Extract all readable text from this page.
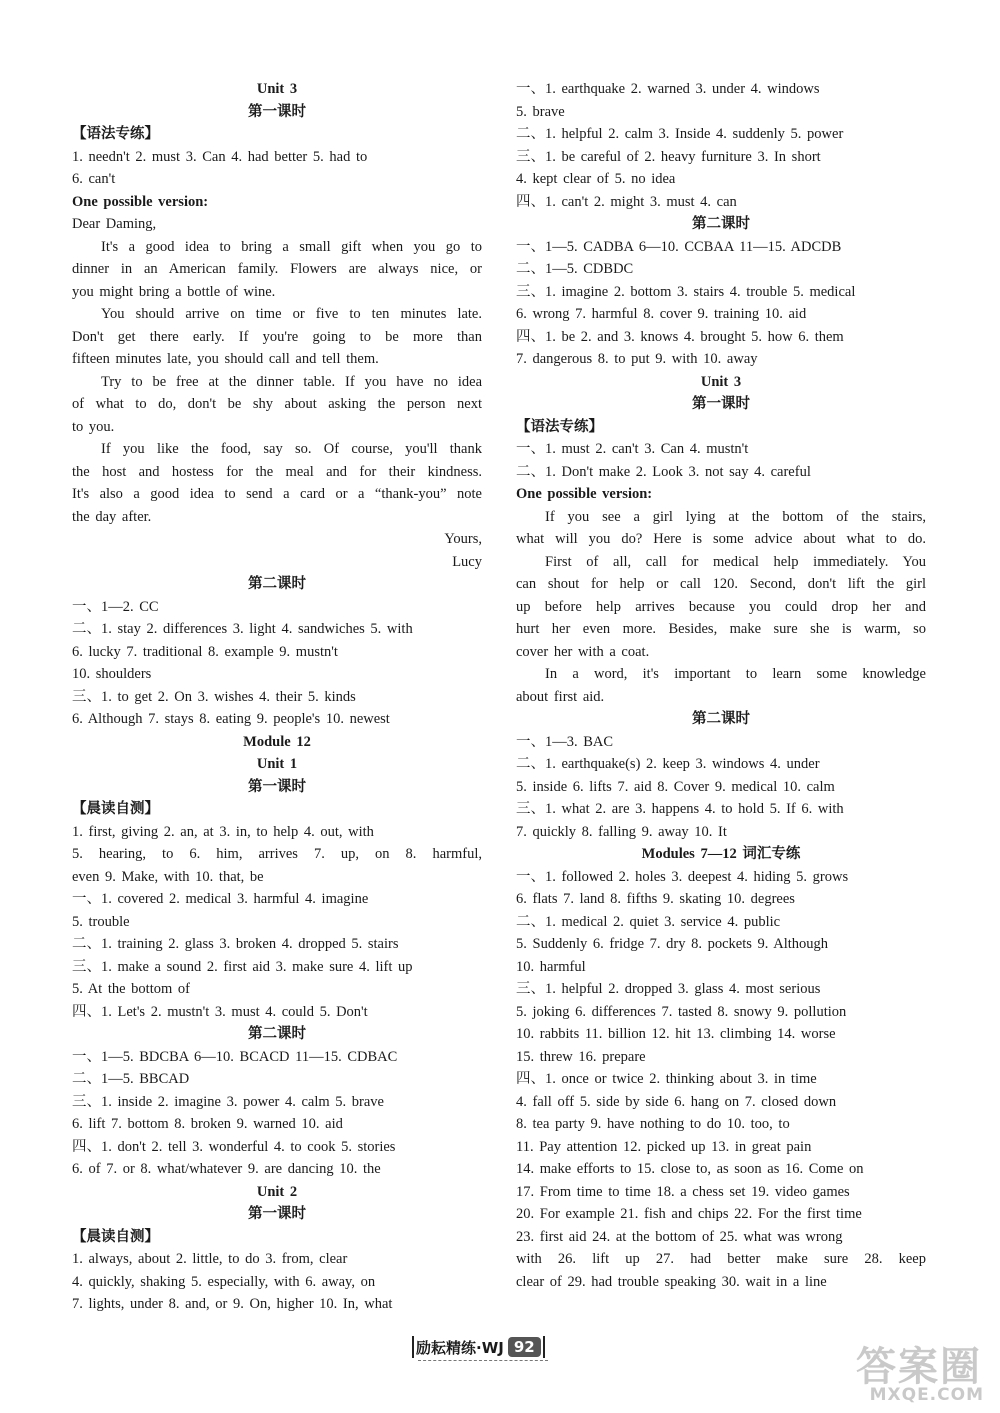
Unit 3
第一课时
【语法专练】
1. needn't 2. must 3. Can 4. had better 5. had to
6. can't
One possible version:
Dear Daming,
It's a good idea to bring a small gift when you go to
dinner in an American family. Flowers are always nice, or
you might bring a bottle of wine.
You should arrive on time or five to ten minutes late.
Don't get there early. If you're going to be more than
fifteen minutes late, you should call and tell them.
Try to be free at the dinner table. If you have no idea
of what to do, don't be shy about asking the person next
to you.
If you like the food, say so. Of course, you'll thank
the host and hostess for the meal and for their kindness.
It's also a good idea to send a card or a “thank-you” note
the day after.
Yours,
Lucy
第二课时
一、1—2. CC
二、1. stay 2. differences 3. light 4. sandwiches 5. with
6. lucky 7. traditional 8. example 9. mustn't
10. shoulders
三、1. to get 2. On 3. wishes 4. their 5. kinds
6. Although 7. stays 8. eating 9. people's 10. newest
Module 12
Unit 1
第一课时
【晨读自测】
1. first, giving 2. an, at 3. in, to help 4. out, with
5. hearing, to 6. him, arrives 7. up, on 8. harmful,
even 9. Make, with 10. that, be
一、1. covered 2. medical 3. harmful 4. imagine
5. trouble
二、1. training 2. glass 3. broken 4. dropped 5. stairs
三、1. make a sound 2. first aid 3. make sure 4. lift up
5. At the bottom of
四、1. Let's 2. mustn't 3. must 4. could 5. Don't
第二课时
一、1—5. BDCBA 6—10. BCACD 11—15. CDBAC
二、1—5. BBCAD
三、1. inside 2. imagine 3. power 4. calm 5. brave
6. lift 7. bottom 8. broken 9. warned 10. aid
四、1. don't 2. tell 3. wonderful 4. to cook 5. stories
6. of 7. or 8. what/whatever 9. are dancing 10. the
Unit 2
第一课时
【晨读自测】
1. always, about 2. little, to do 3. from, clear
4. quickly, shaking 5. especially, with 6. away, on
7. lights, under 8. and, or 9. On, higher 10. In, what
一、1. earthquake 2. warned 3. under 4. windows
5. brave
二、1. helpful 2. calm 3. Inside 4. suddenly 5. power
三、1. be careful of 2. heavy furniture 3. In short
4. kept clear of 5. no idea
四、1. can't 2. might 3. must 4. can
第二课时
一、1—5. CADBA 6—10. CCBAA 11—15. ADCDB
二、1—5. CDBDC
三、1. imagine 2. bottom 3. stairs 4. trouble 5. medical
6. wrong 7. harmful 8. cover 9. training 10. aid
四、1. be 2. and 3. knows 4. brought 5. how 6. them
7. dangerous 8. to put 9. with 10. away
Unit 3
第一课时
【语法专练】
一、1. must 2. can't 3. Can 4. mustn't
二、1. Don't make 2. Look 3. not say 4. careful
One possible version:
If you see a girl lying at the bottom of the stairs,
what will you do? Here is some advice about what to do.
First of all, call for medical help immediately. You
can shout for help or call 120. Second, don't lift the girl
up before help arrives because you could drop her and
hurt her even more. Besides, make sure she is warm, so
cover her with a coat.
In a word, it's important to learn some knowledge
about first aid.
第二课时
一、1—3. BAC
二、1. earthquake(s) 2. keep 3. windows 4. under
5. inside 6. lifts 7. aid 8. Cover 9. medical 10. calm
三、1. what 2. are 3. happens 4. to hold 5. If 6. with
7. quickly 8. falling 9. away 10. It
Modules 7—12 词汇专练
一、1. followed 2. holes 3. deepest 4. hiding 5. grows
6. flats 7. land 8. fifths 9. skating 10. degrees
二、1. medical 2. quiet 3. service 4. public
5. Suddenly 6. fridge 7. dry 8. pockets 9. Although
10. harmful
三、1. helpful 2. dropped 3. glass 4. most serious
5. joking 6. differences 7. tasted 8. snowy 9. pollution
10. rabbits 11. billion 12. hit 13. climbing 14. worse
15. threw 16. prepare
四、1. once or twice 2. thinking about 3. in time
4. fall off 5. side by side 6. hang on 7. closed down
8. tea party 9. have nothing to do 10. too, to
11. Pay attention 12. picked up 13. in great pain
14. make efforts to 15. close to, as soon as 16. Come on
17. From time to time 18. a chess set 19. video games
20. For example 21. fish and chips 22. For the first time
23. first aid 24. at the bottom of 25. what was wrong
with 26. lift up 27. had better make sure 28. keep
clear of 29. had trouble speaking 30. wait in a line
励耘精练·WJ 92	答案圈
MXQE.COM
